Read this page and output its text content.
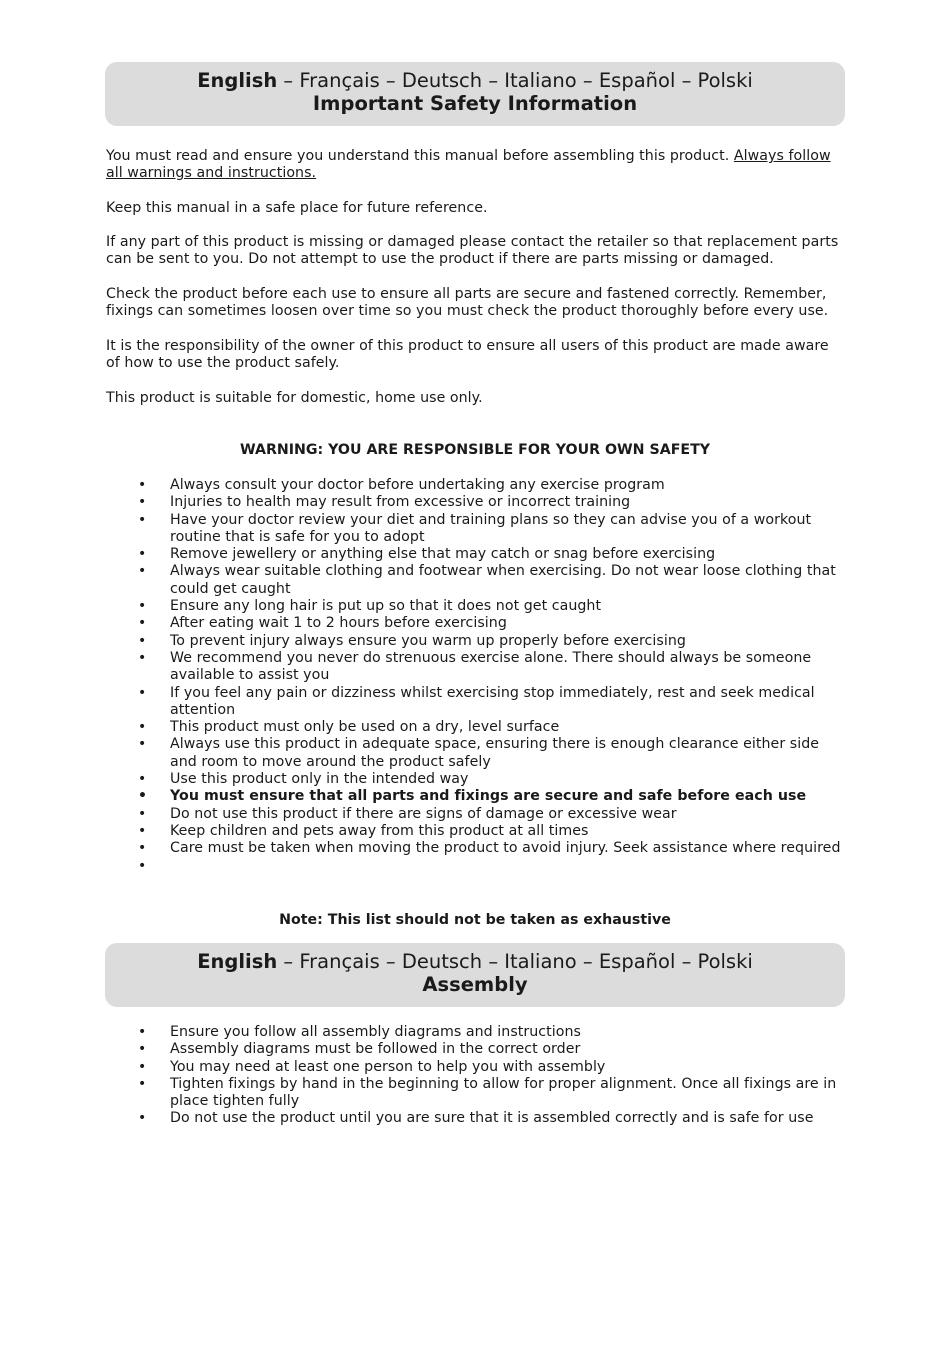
English – Français – Deutsch – Italiano – Español – Polski
Important Safety Information

You must read and ensure you understand this manual before assembling this product. Always follow all warnings and instructions.

Keep this manual in a safe place for future reference.

If any part of this product is missing or damaged please contact the retailer so that replacement parts can be sent to you. Do not attempt to use the product if there are parts missing or damaged.

Check the product before each use to ensure all parts are secure and fastened correctly. Remember, fixings can sometimes loosen over time so you must check the product thoroughly before every use.

It is the responsibility of the owner of this product to ensure all users of this product are made aware of how to use the product safely.

This product is suitable for domestic, home use only.

WARNING: YOU ARE RESPONSIBLE FOR YOUR OWN SAFETY
• Always consult your doctor before undertaking any exercise program
• Injuries to health may result from excessive or incorrect training
• Have your doctor review your diet and training plans so they can advise you of a workout routine that is safe for you to adopt
• Remove jewellery or anything else that may catch or snag before exercising
• Always wear suitable clothing and footwear when exercising. Do not wear loose clothing that could get caught
• Ensure any long hair is put up so that it does not get caught
• After eating wait 1 to 2 hours before exercising
• To prevent injury always ensure you warm up properly before exercising
• We recommend you never do strenuous exercise alone. There should always be someone available to assist you
• If you feel any pain or dizziness whilst exercising stop immediately, rest and seek medical attention
• This product must only be used on a dry, level surface
• Always use this product in adequate space, ensuring there is enough clearance either side and room to move around the product safely
• Use this product only in the intended way
• You must ensure that all parts and fixings are secure and safe before each use
• Do not use this product if there are signs of damage or excessive wear
• Keep children and pets away from this product at all times
• Care must be taken when moving the product to avoid injury. Seek assistance where required
•
Note: This list should not be taken as exhaustive
English – Français – Deutsch – Italiano – Español – Polski
Assembly
• Ensure you follow all assembly diagrams and instructions
• Assembly diagrams must be followed in the correct order
• You may need at least one person to help you with assembly
• Tighten fixings by hand in the beginning to allow for proper alignment. Once all fixings are in place tighten fully
• Do not use the product until you are sure that it is assembled correctly and is safe for use
